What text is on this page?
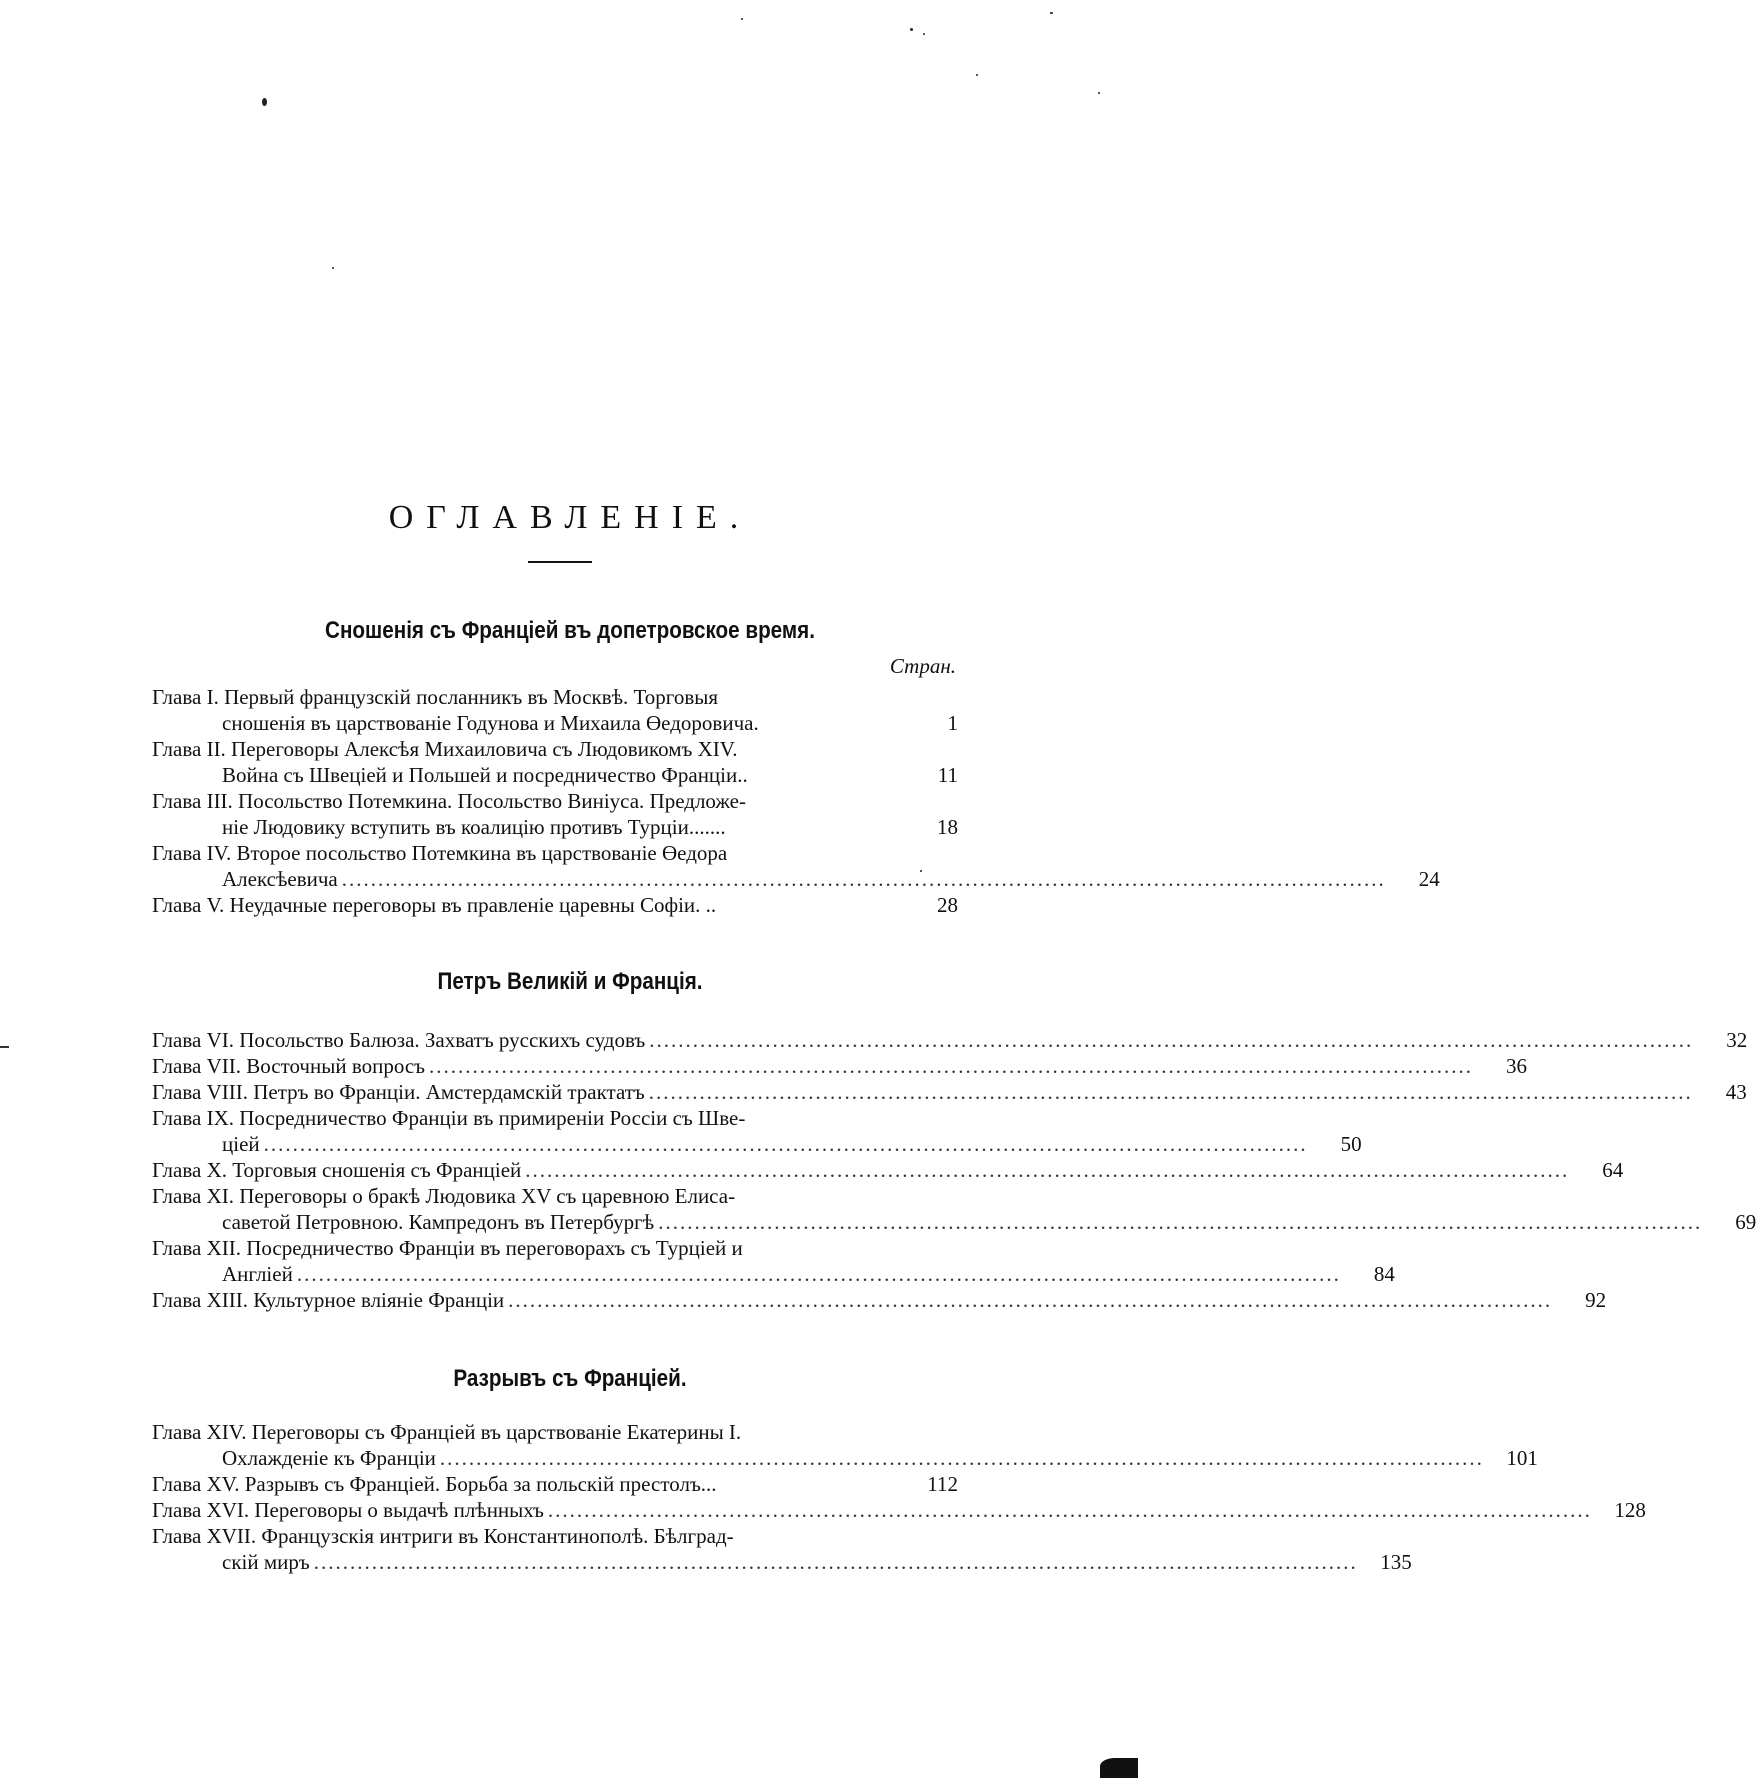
ОГЛАВЛЕНІЕ.
Сношенія съ Франціей въ допетровское время.
Стран.
Глава I. Первый французскій посланникъ въ Москвѣ. Торговыя
сношенія въ царствованіе Годунова и Михаила Өедоровича.	1
Глава II. Переговоры Алексѣя Михаиловича съ Людовикомъ XIV.
Война съ Швеціей и Польшей и посредничество Франціи..	11
Глава III. Посольство Потемкина. Посольство Виніуса. Предложе-
ніе Людовику вступить въ коалицію противъ Турціи.......	18
Глава IV. Второе посольство Потемкина въ царствованіе Өедора
Алексѣевича .....	24
Глава V. Неудачные переговоры въ правленіе царевны Софіи. ..	28
Петръ Великій и Франція.
Глава VI. Посольство Балюза. Захватъ русскихъ судовъ .....	32
Глава VII. Восточный вопросъ .....	36
Глава VIII. Петръ во Франціи. Амстердамскій трактатъ .....	43
Глава IX. Посредничество Франціи въ примиреніи Россіи съ Шве-
ціей .....	50
Глава X. Торговыя сношенія съ Франціей .....	64
Глава XI. Переговоры о бракѣ Людовика XV съ царевною Елиса-
саветой Петровною. Кампредонъ въ Петербургѣ .....	69
Глава XII. Посредничество Франціи въ переговорахъ съ Турціей и
Англіей .....	84
Глава XIII. Культурное вліяніе Франціи .....	92
Разрывъ съ Франціей.
Глава XIV. Переговоры съ Франціей въ царствованіе Екатерины I.
Охлажденіе къ Франціи .....	101
Глава XV. Разрывъ съ Франціей. Борьба за польскій престолъ...	112
Глава XVI. Переговоры о выдачѣ плѣнныхъ .....	128
Глава XVII. Французскія интриги въ Константинополѣ. Бѣлград-
скій миръ .....	135
